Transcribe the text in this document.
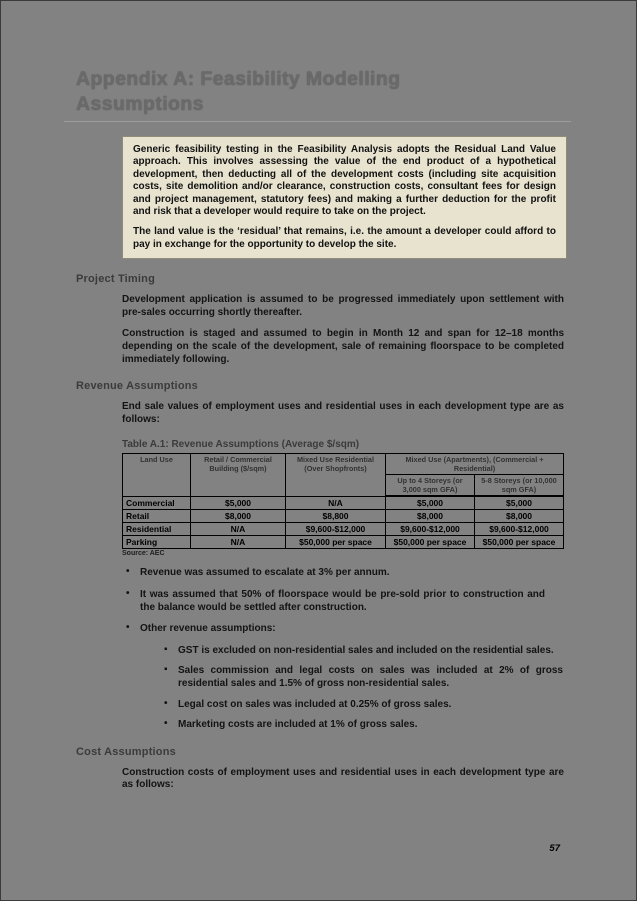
Appendix A: Feasibility Modelling
Assumptions

Generic feasibility testing in the Feasibility Analysis adopts the Residual Land Value approach. This involves assessing the value of the end product of a hypothetical development, then deducting all of the development costs (including site acquisition costs, site demolition and/or clearance, construction costs, consultant fees for design and project management, statutory fees) and making a further deduction for the profit and risk that a developer would require to take on the project.

The land value is the ‘residual’ that remains, i.e. the amount a developer could afford to pay in exchange for the opportunity to develop the site.

Project Timing

Development application is assumed to be progressed immediately upon settlement with pre-sales occurring shortly thereafter.

Construction is staged and assumed to begin in Month 12 and span for 12–18 months depending on the scale of the development, sale of remaining floorspace to be completed immediately following.

Revenue Assumptions

End sale values of employment uses and residential uses in each development type are as follows:

Table A.1: Revenue Assumptions (Average $/sqm)
Land Use	Retail / Commercial Building ($/sqm)	Mixed Use Residential (Over Shopfronts)	Mixed Use (Apartments), (Commercial + Residential)	
			Up to 4 Storeys (or 3,000 sqm GFA)	5-8 Storeys (or 10,000 sqm GFA)
Commercial	$5,000	N/A	$5,000	$5,000
Retail	$8,000	$8,800	$8,000	$8,000
Residential	N/A	$9,600-$12,000	$9,600-$12,000	$9,600-$12,000
Parking	N/A	$50,000 per space	$50,000 per space	$50,000 per space
Source: AEC
• Revenue was assumed to escalate at 3% per annum.
• It was assumed that 50% of floorspace would be pre-sold prior to construction and the balance would be settled after construction.
• Other revenue assumptions:
▪ GST is excluded on non-residential sales and included on the residential sales.
▪ Sales commission and legal costs on sales was included at 2% of gross residential sales and 1.5% of gross non-residential sales.
• Legal cost on sales was included at 0.25% of gross sales.
• Marketing costs are included at 1% of gross sales.
Cost Assumptions

Construction costs of employment uses and residential uses in each development type are as follows:

57
